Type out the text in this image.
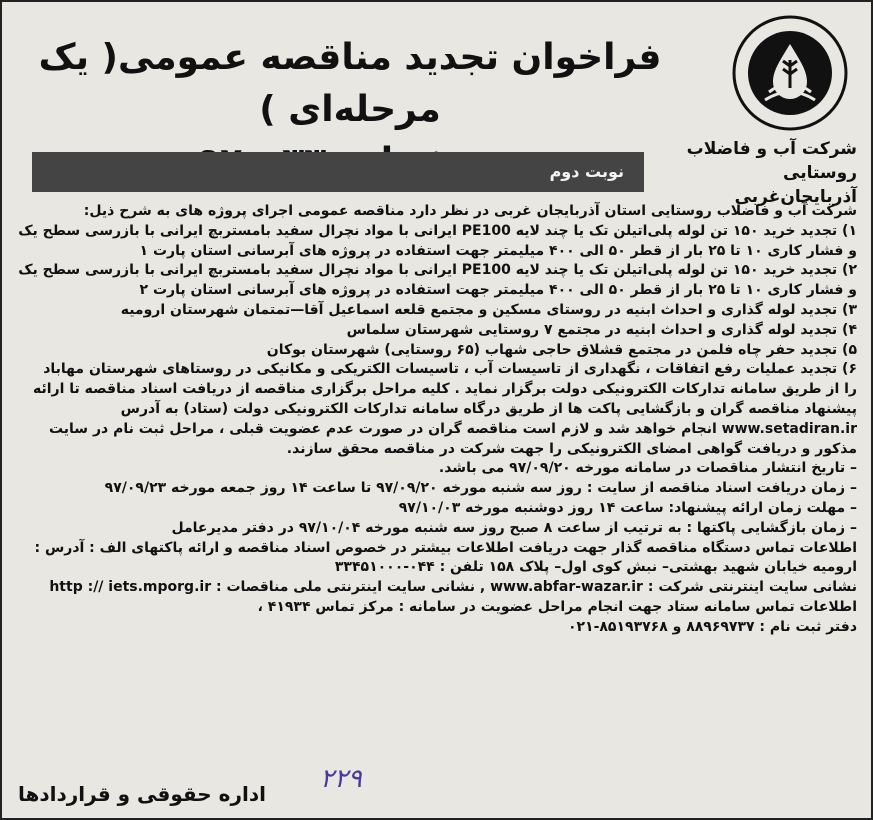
شرکت آب و فاضلاب روستایی
آذربایجان‌غربی
فراخوان تجدید مناقصه عمومی( یک مرحله‌ای )
نوبت دوم

شرکت آب و فاضلاب روستایی استان آذربایجان غربی در نظر دارد مناقصه عمومی اجرای پروژه های به شرح ذیل:

۱) تجدید خرید ۱۵۰ تن لوله پلی‌اتیلن تک یا چند لایه PE100 ایرانی با مواد نچرال سفید بامستربچ ایرانی با بازرسی سطح یک و فشار کاری ۱۰ تا ۲۵ بار از قطر ۵۰ الی ۴۰۰ میلیمتر جهت استفاده در پروژه های آبرسانی استان پارت ۱

۲) تجدید خرید ۱۵۰ تن لوله پلی‌اتیلن تک یا چند لایه PE100 ایرانی با مواد نچرال سفید بامستربچ ایرانی با بازرسی سطح یک و فشار کاری ۱۰ تا ۲۵ بار از قطر ۵۰ الی ۴۰۰ میلیمتر جهت استفاده در پروژه های آبرسانی استان پارت ۲

۳) تجدید لوله گذاری و احداث ابنیه در روستای مسکین و مجتمع قلعه اسماعیل آقا—تمتمان شهرستان ارومیه

۴) تجدید لوله گذاری و احداث ابنیه در مجتمع ۷ روستایی شهرستان سلماس

۵) تجدید حفر چاه فلمن در مجتمع قشلاق حاجی شهاب (۶۵ روستایی) شهرستان بوکان

۶) تجدید عملیات رفع اتفاقات ، نگهداری از تاسیسات آب ، تاسیسات الکتریکی و مکانیکی در روستاهای شهرستان مهاباد

را از طریق سامانه تدارکات الکترونیکی دولت برگزار نماید . کلیه مراحل برگزاری مناقصه از دریافت اسناد مناقصه تا ارائه پیشنهاد مناقصه گران و بازگشایی پاکت ها از طریق درگاه سامانه تدارکات الکترونیکی دولت (ستاد) به آدرس www.setadiran.ir انجام خواهد شد و لازم است مناقصه گران در صورت عدم عضویت قبلی ، مراحل ثبت نام در سایت مذکور و دریافت گواهی امضای الکترونیکی را جهت شرکت در مناقصه محقق سازند.

– تاریخ انتشار مناقصات در سامانه مورخه ۹۷/۰۹/۲۰ می باشد.

– زمان دریافت اسناد مناقصه از سایت : روز سه شنبه مورخه ۹۷/۰۹/۲۰ تا ساعت ۱۴ روز جمعه مورخه ۹۷/۰۹/۲۳

– مهلت زمان ارائه پیشنهاد: ساعت ۱۴ روز دوشنبه مورخه ۹۷/۱۰/۰۳

– زمان بازگشایی پاکتها : به ترتیب از ساعت ۸ صبح روز سه شنبه مورخه ۹۷/۱۰/۰۴ در دفتر مدیرعامل

اطلاعات تماس دستگاه مناقصه گذار جهت دریافت اطلاعات بیشتر در خصوص اسناد مناقصه و ارائه پاکتهای الف : آدرس : ارومیه خیابان شهید بهشتی– نبش کوی اول– پلاک ۱۵۸ تلفن : ۰۴۴-۳۳۴۵۱۰۰۰

نشانی سایت اینترنتی شرکت : www.abfar-wazar.ir , نشانی سایت اینترنتی ملی مناقصات : http :// iets.mporg.ir

اطلاعات تماس سامانه ستاد جهت انجام مراحل عضویت در سامانه : مرکز تماس ۴۱۹۳۴ ،

دفتر ثبت نام : ۸۸۹۶۹۷۳۷ و ۸۵۱۹۳۷۶۸-۰۲۱

۲۲۹
اداره حقوقی و قراردادها
